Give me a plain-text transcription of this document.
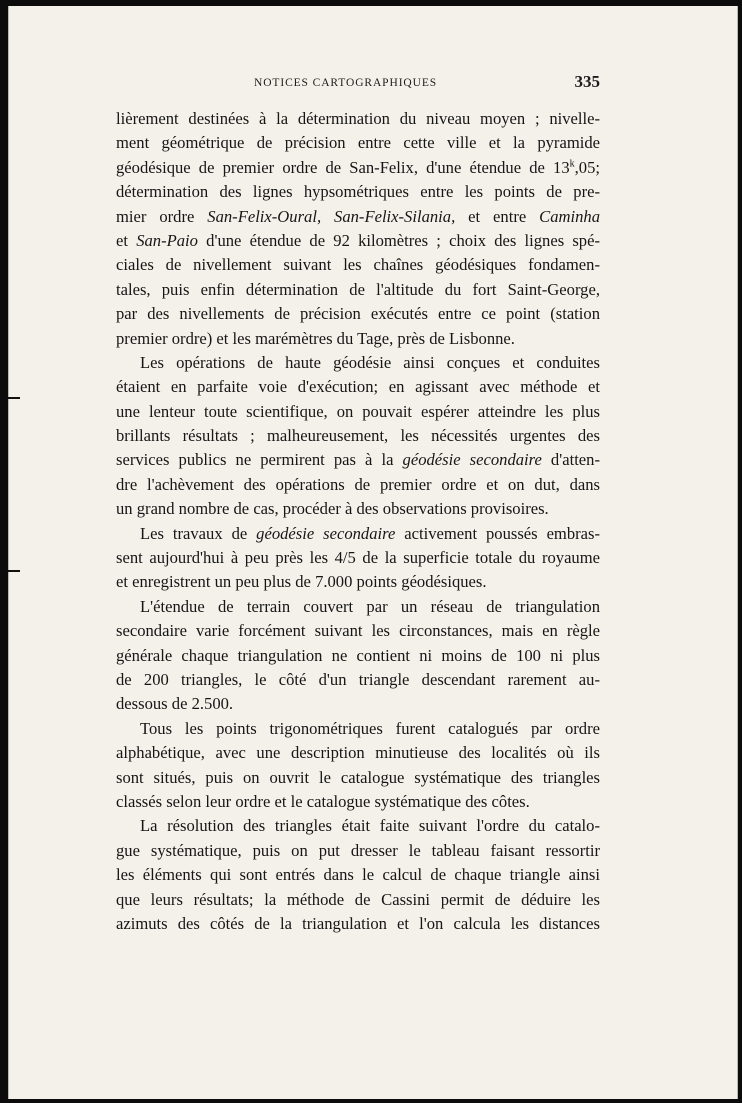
NOTICES CARTOGRAPHIQUES	335
lièrement destinées à la détermination du niveau moyen ; nivelle-
ment géométrique de précision entre cette ville et la pyramide
géodésique de premier ordre de San-Felix, d'une étendue de 13$^k$,05;
détermination des lignes hypsométriques entre les points de pre-
mier ordre San-Felix-Oural, San-Felix-Silania, et entre Caminha
et San-Paio d'une étendue de 92 kilomètres ; choix des lignes spé-
ciales de nivellement suivant les chaînes géodésiques fondamen-
tales, puis enfin détermination de l'altitude du fort Saint-George,
par des nivellements de précision exécutés entre ce point (station
premier ordre) et les marémètres du Tage, près de Lisbonne.
Les opérations de haute géodésie ainsi conçues et conduites
étaient en parfaite voie d'exécution; en agissant avec méthode et
une lenteur toute scientifique, on pouvait espérer atteindre les plus
brillants résultats ; malheureusement, les nécessités urgentes des
services publics ne permirent pas à la géodésie secondaire d'atten-
dre l'achèvement des opérations de premier ordre et on dut, dans
un grand nombre de cas, procéder à des observations provisoires.
Les travaux de géodésie secondaire activement poussés embras-
sent aujourd'hui à peu près les 4/5 de la superficie totale du royaume
et enregistrent un peu plus de 7.000 points géodésiques.
L'étendue de terrain couvert par un réseau de triangulation
secondaire varie forcément suivant les circonstances, mais en règle
générale chaque triangulation ne contient ni moins de 100 ni plus
de 200 triangles, le côté d'un triangle descendant rarement au-
dessous de 2.500.
Tous les points trigonométriques furent catalogués par ordre
alphabétique, avec une description minutieuse des localités où ils
sont situés, puis on ouvrit le catalogue systématique des triangles
classés selon leur ordre et le catalogue systématique des côtes.
La résolution des triangles était faite suivant l'ordre du catalo-
gue systématique, puis on put dresser le tableau faisant ressortir
les éléments qui sont entrés dans le calcul de chaque triangle ainsi
que leurs résultats; la méthode de Cassini permit de déduire les
azimuts des côtés de la triangulation et l'on calcula les distances
